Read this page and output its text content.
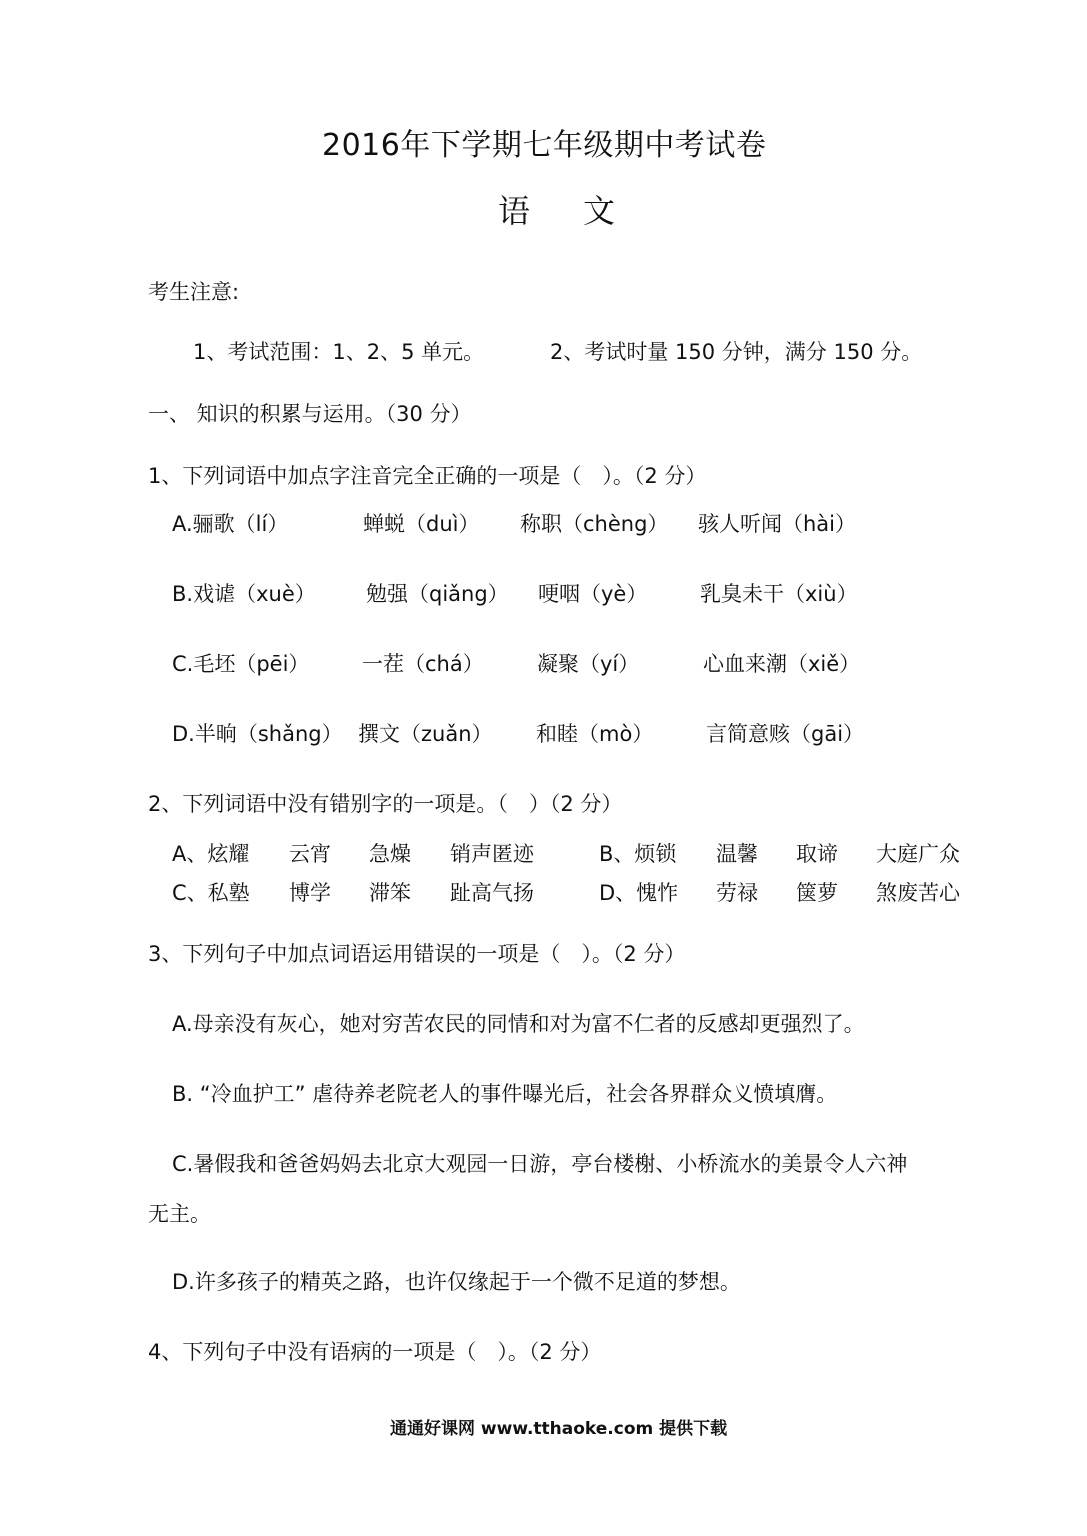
2016年下学期七年级期中考试卷
语 文
考生注意:
1、考试范围：1、2、5 单元。	2、考试时量 150 分钟，满分 150 分。
一、 知识的积累与运用。（30 分）
1、下列词语中加点字注音完全正确的一项是（　）。（2 分）
A.骊歌（lí）	蝉蜕（duì） 称职（chèng） 骇人听闻（hài）
B.戏谑（xuè） 勉强（qiǎng） 哽咽（yè）	乳臭未干（xiù）
C.毛坯（pēi）	一茬（chá）	凝聚（yí）	心血来潮（xiě）
D.半晌（shǎng） 撰文（zuǎn） 和睦（mò）	言简意赅（gāi）
2、下列词语中没有错别字的一项是。（　）（2 分）
A、炫耀 云宵 急燥 销声匿迹	B、烦锁 温馨 取谛 大庭广众
C、私塾 博学 滞笨 趾高气扬	D、愧怍 劳禄 箧萝 煞废苦心
3、下列句子中加点词语运用错误的一项是（　）。（2 分）
A.母亲没有灰心，她对穷苦农民的同情和对为富不仁者的反感却更强烈了。
B. “冷血护工” 虐待养老院老人的事件曝光后，社会各界群众义愤填膺。
C.暑假我和爸爸妈妈去北京大观园一日游，亭台楼榭、小桥流水的美景令人六神
无主。
D.许多孩子的精英之路，也许仅缘起于一个微不足道的梦想。
4、下列句子中没有语病的一项是（　）。（2 分）
通通好课网 www.tthaoke.com 提供下载
